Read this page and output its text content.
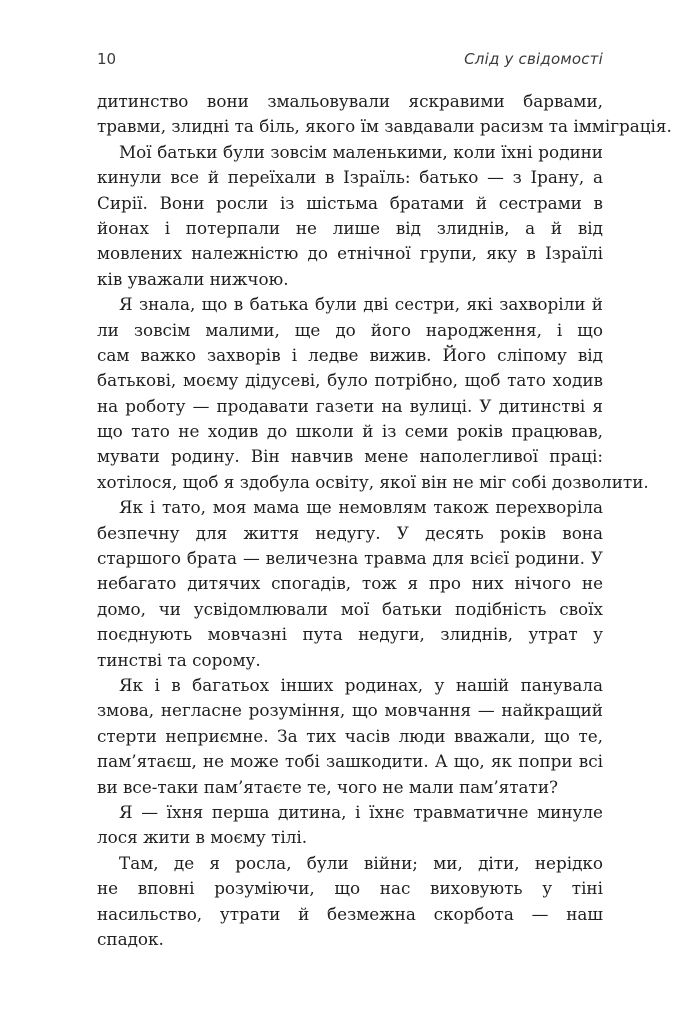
10	Слід у свідомості
дитинство вони змальовували яскравими барвами,
травми, злидні та біль, якого їм завдавали расизм та імміграція.
Мої батьки були зовсім маленькими, коли їхні родини
кинули все й переїхали в Ізраїль: батько — з Ірану, а
Сирії. Вони росли із шістьма братами й сестрами в
йонах і потерпали не лише від злиднів, а й від
мовлених належністю до етнічної групи, яку в Ізраїлі
ків уважали нижчою.
Я знала, що в батька були дві сестри, які захворіли й
ли зовсім малими, ще до його народження, і що
сам важко захворів і ледве вижив. Його сліпому від
батькові, моєму дідусеві, було потрібно, щоб тато ходив
на роботу — продавати газети на вулиці. У дитинстві я
що тато не ходив до школи й із семи років працював,
мувати родину. Він навчив мене наполегливої праці:
хотілося, щоб я здобула освіту, якої він не міг собі дозволити.
Як і тато, моя мама ще немовлям також перехворіла
безпечну для життя недугу. У десять років вона
старшого брата — величезна травма для всієї родини. У
небагато дитячих спогадів, тож я про них нічого не
домо, чи усвідомлювали мої батьки подібність своїх
поєднують мовчазні пута недуги, злиднів, утрат у
тинстві та сорому.
Як і в багатьох інших родинах, у нашій панувала
змова, негласне розуміння, що мовчання — найкращий
стерти неприємне. За тих часів люди вважали, що те,
пам’ятаєш, не може тобі зашкодити. А що, як попри всі
ви все-таки пам’ятаєте те, чого не мали пам’ятати?
Я — їхня перша дитина, і їхнє травматичне минуле
лося жити в моєму тілі.
Там, де я росла, були війни; ми, діти, нерідко
не вповні розуміючи, що нас виховують у тіні
насильство, утрати й безмежна скорбота — наш
спадок.
